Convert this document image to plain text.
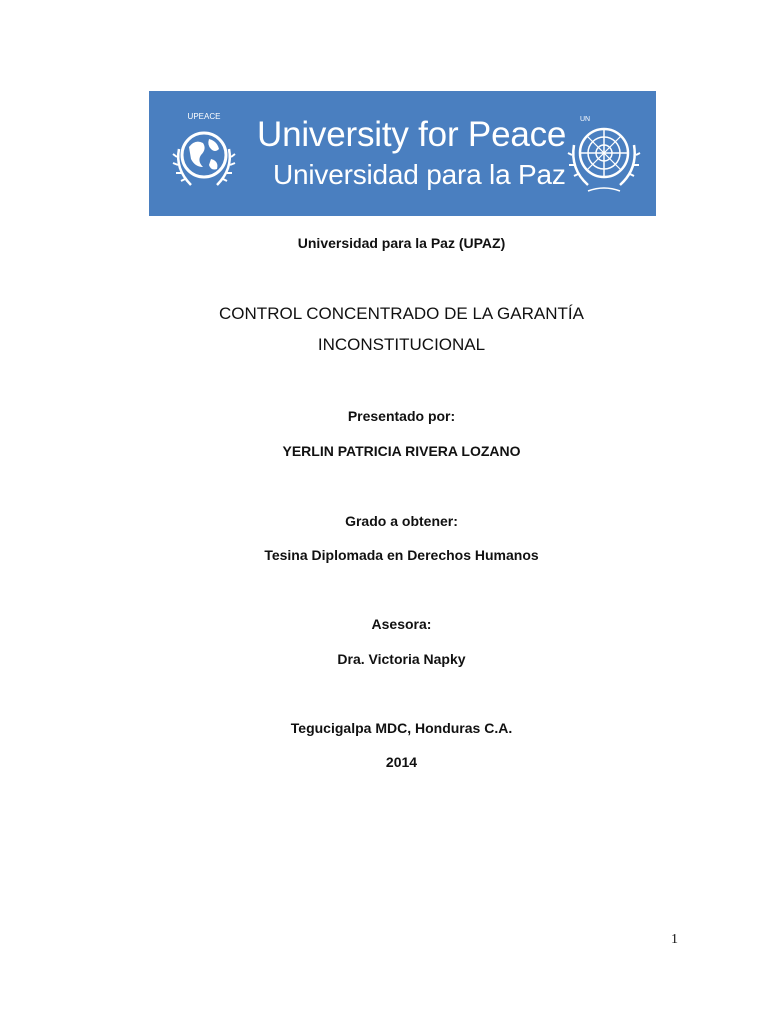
UPEACE University for Peace
Universidad para la Paz
UN
Universidad para la Paz (UPAZ)
CONTROL CONCENTRADO DE LA GARANTÍA
INCONSTITUCIONAL
Presentado por:
YERLIN PATRICIA RIVERA LOZANO
Grado a obtener:
Tesina Diplomada en Derechos Humanos
Asesora:
Dra. Victoria Napky
Tegucigalpa MDC, Honduras C.A.
2014
1
